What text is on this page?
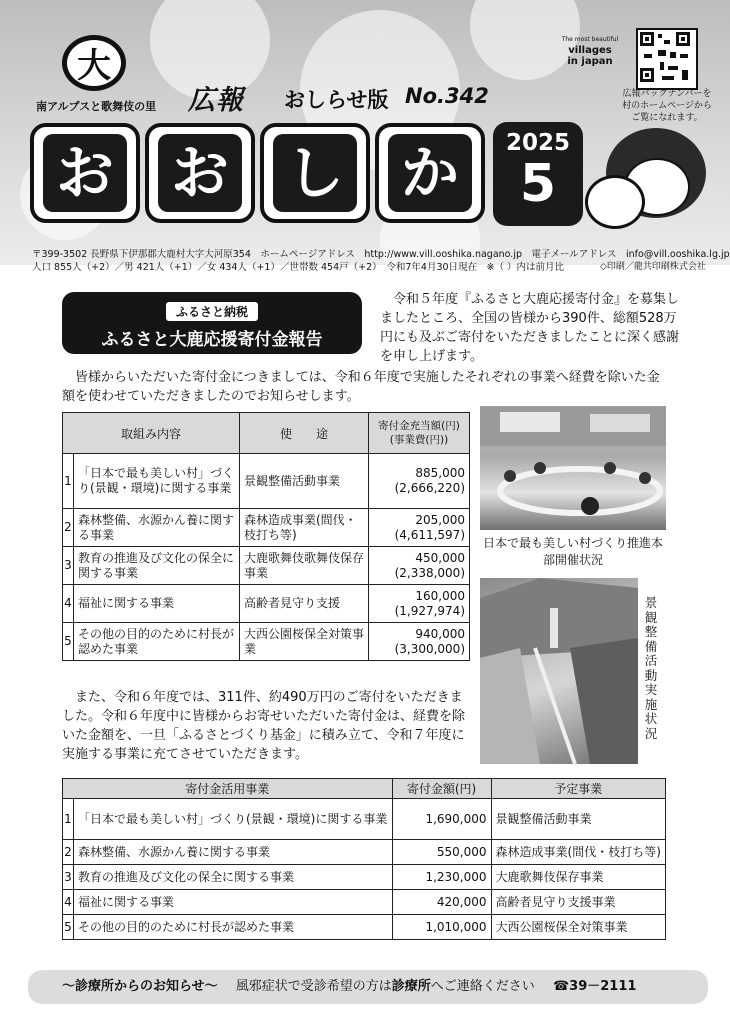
大
南アルプスと歌舞伎の里 広報 おしらせ版 No.342
お お し か	2025
5
The most beautiful
villages
in japan
広報バックナンバーを村のホームページからご覧になれます。
〒399-3502 長野県下伊那郡大鹿村大字大河原354　ホームページアドレス　http://www.vill.ooshika.nagano.jp　電子メールアドレス　info@vill.ooshika.lg.jp
人口 855人（+2）／男 421人（+1）／女 434人（+1）／世帯数 454戸（+2）　令和7年4月30日現在　※（ ）内は前月比	◇印刷／龍共印刷株式会社
ふるさと納税
ふるさと大鹿応援寄付金報告
令和５年度『ふるさと大鹿応援寄付金』を募集しましたところ、全国の皆様から390件、総額528万円にも及ぶご寄付をいただきましたことに深く感謝を申し上げます。
皆様からいただいた寄付金につきましては、令和６年度で実施したそれぞれの事業へ経費を除いた金額を使わせていただきましたのでお知らせします。
取組み内容		使　　途	寄付金充当額(円)
(事業費(円))

1	「日本で最も美しい村」づくり(景観・環境)に関する事業	景観整備活動事業	885,000
(2,666,220)

2	森林整備、水源かん養に関する事業	森林造成事業(間伐・枝打ち等)	205,000
(4,611,597)

3	教育の推進及び文化の保全に関する事業	大鹿歌舞伎歌舞伎保存事業	450,000
(2,338,000)

4	福祉に関する事業	高齢者見守り支援	160,000
(1,927,974)

5	その他の目的のために村長が認めた事業	大西公園桜保全対策事業	940,000
(3,300,000)
日本で最も美しい村づくり推進本部開催状況
景観整備活動実施状況
また、令和６年度では、311件、約490万円のご寄付をいただきました。令和６年度中に皆様からお寄せいただいた寄付金は、経費を除いた金額を、一旦「ふるさとづくり基金」に積み立て、令和７年度に実施する事業に充てさせていただきます。
寄付金活用事業		寄付金額(円)	予定事業
1	「日本で最も美しい村」づくり(景観・環境)に関する事業	1,690,000	景観整備活動事業
2	森林整備、水源かん養に関する事業	550,000	森林造成事業(間伐・枝打ち等)
3	教育の推進及び文化の保全に関する事業	1,230,000	大鹿歌舞伎保存事業
4	福祉に関する事業	420,000	高齢者見守り支援事業
5	その他の目的のために村長が認めた事業	1,010,000	大西公園桜保全対策事業
～診療所からのお知らせ～ 風邪症状で受診希望の方は診療所へご連絡ください ☎39－2111
